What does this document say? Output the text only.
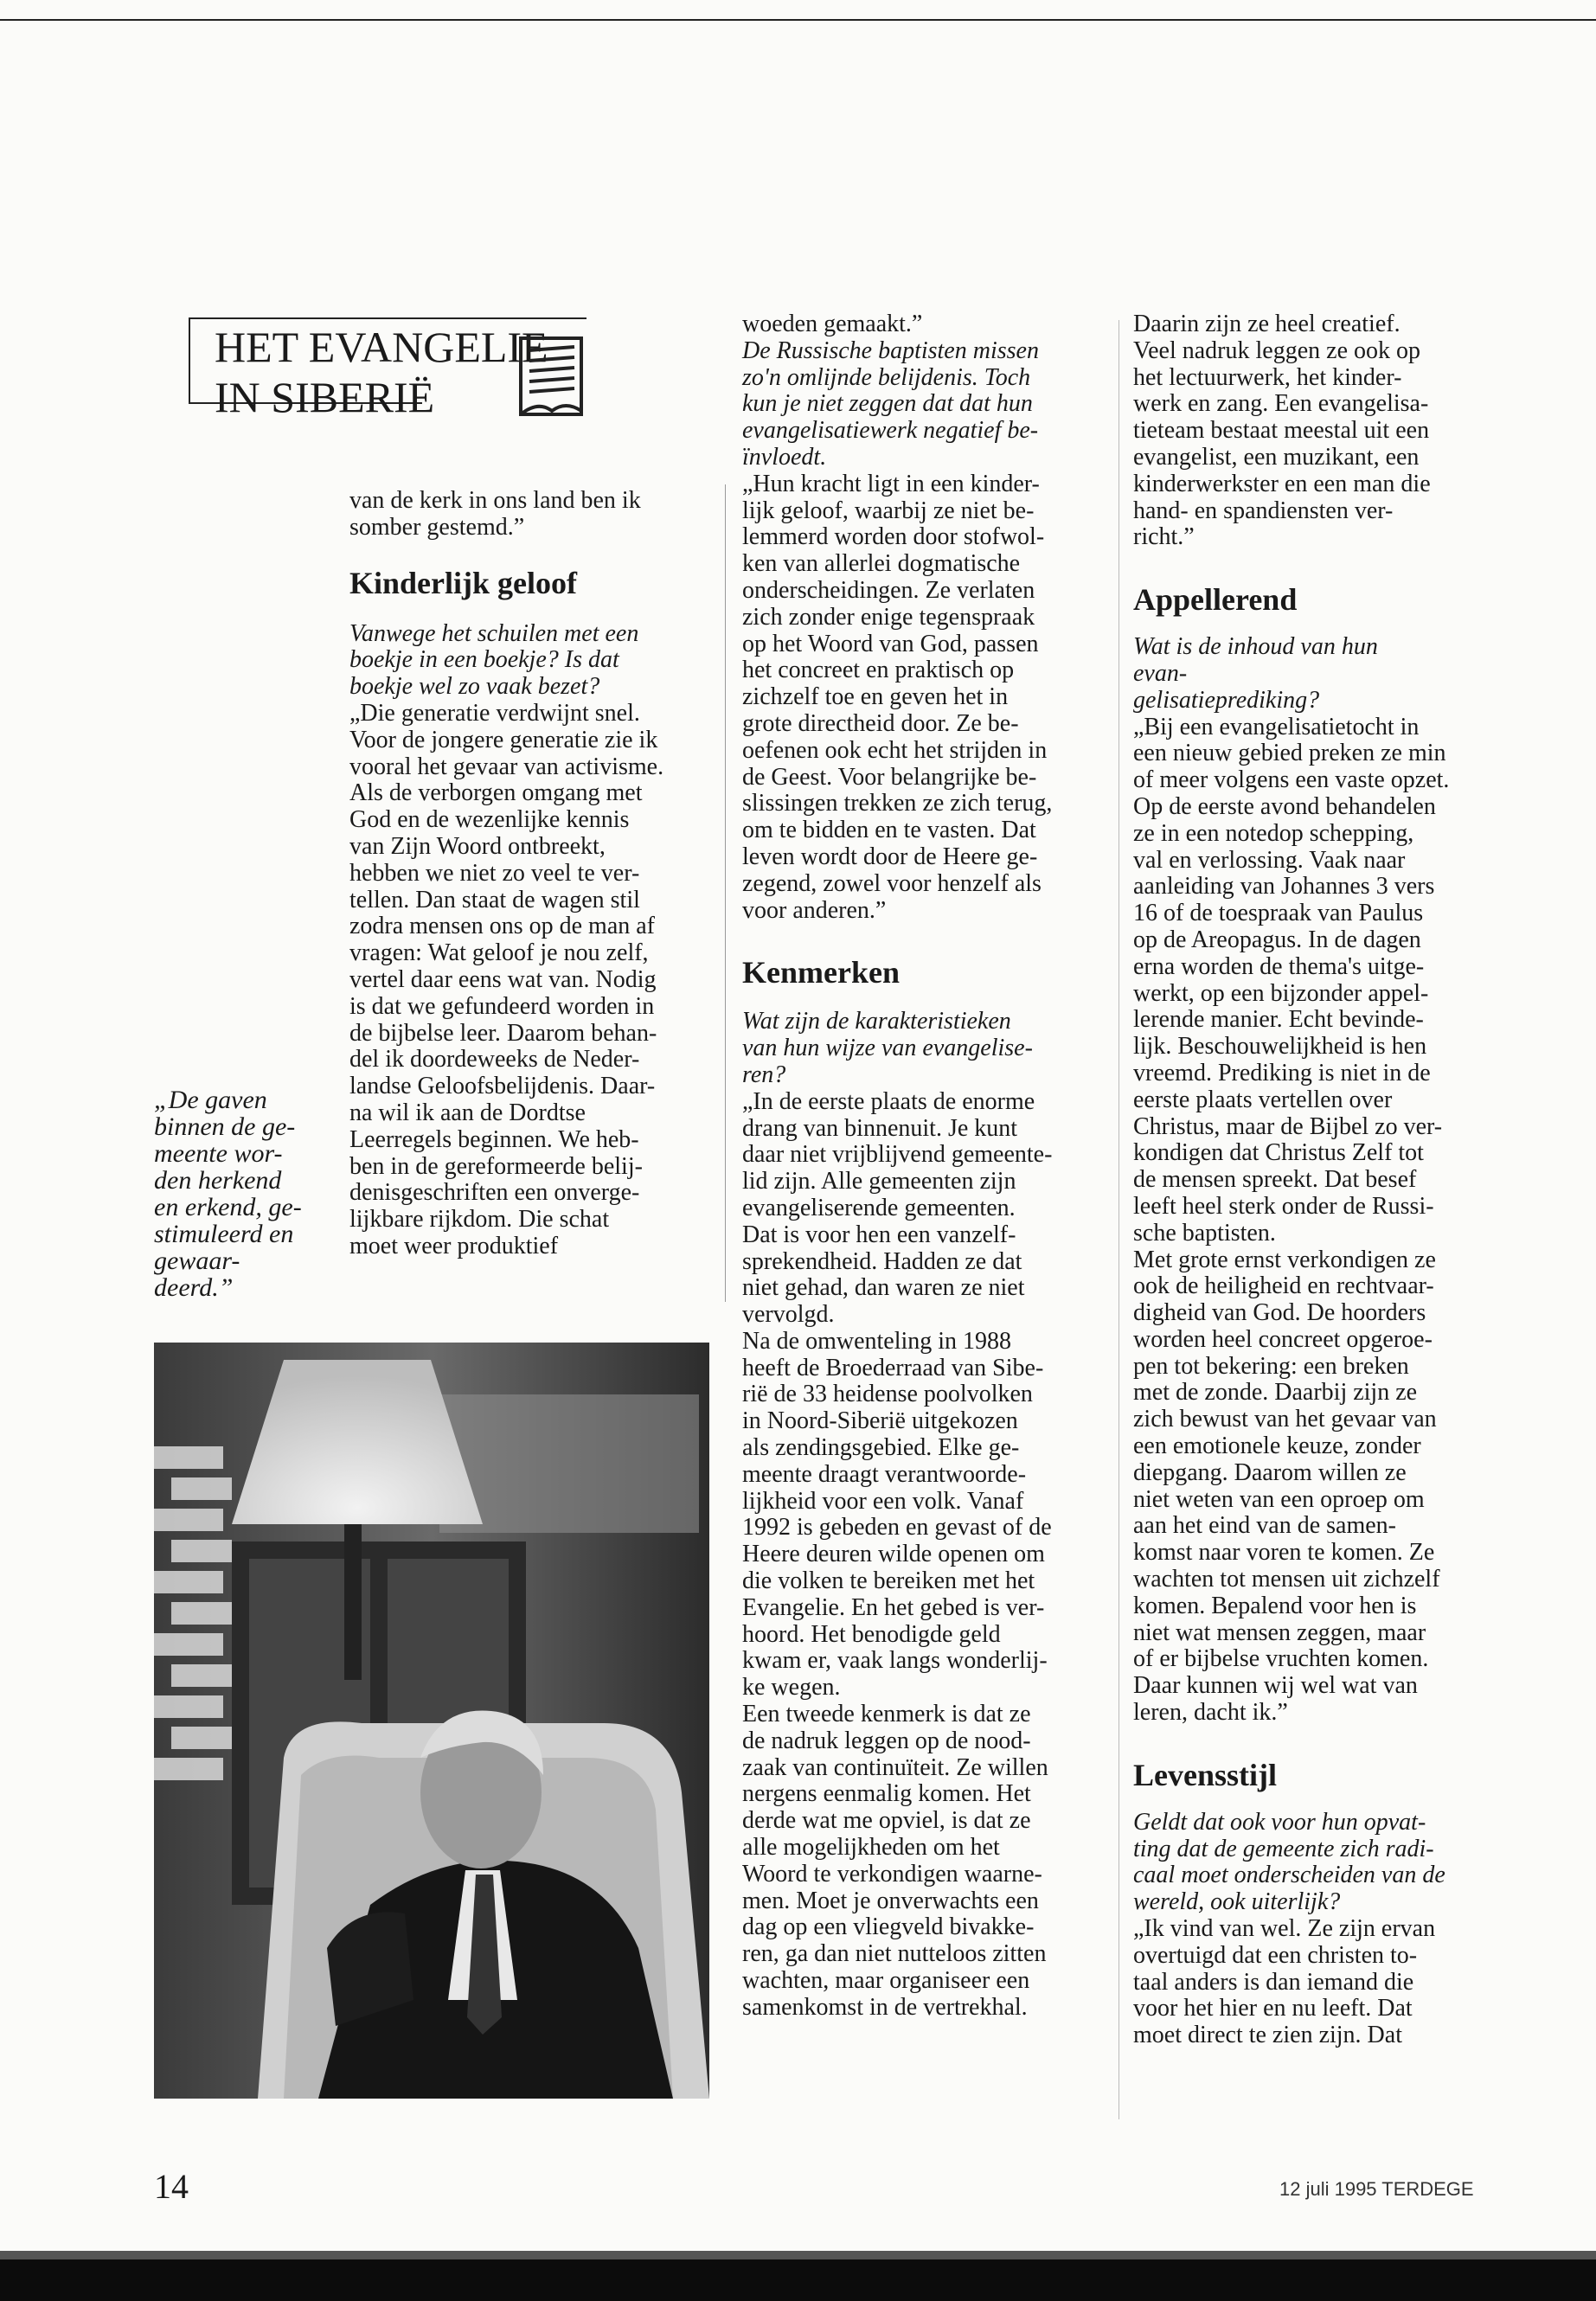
HET EVANGELIE
IN SIBERIË

„De gaven

binnen de ge-

meente wor-

den herkend

en erkend, ge-

stimuleerd en

gewaar-

deerd.”

van de kerk in ons land ben ik

somber gestemd.”

Kinderlijk geloof

Vanwege het schuilen met een

boekje in een boekje? Is dat

boekje wel zo vaak bezet?

„Die generatie verdwijnt snel.

Voor de jongere generatie zie ik

vooral het gevaar van activisme.

Als de verborgen omgang met

God en de wezenlijke kennis

van Zijn Woord ontbreekt,

hebben we niet zo veel te ver-

tellen. Dan staat de wagen stil

zodra mensen ons op de man af

vragen: Wat geloof je nou zelf,

vertel daar eens wat van. Nodig

is dat we gefundeerd worden in

de bijbelse leer. Daarom behan-

del ik doordeweeks de Neder-

landse Geloofsbelijdenis. Daar-

na wil ik aan de Dordtse

Leerregels beginnen. We heb-

ben in de gereformeerde belij-

denisgeschriften een onverge-

lijkbare rijkdom. Die schat

moet weer produktief

woeden gemaakt.”

De Russische baptisten missen

zo'n omlijnde belijdenis. Toch

kun je niet zeggen dat dat hun

evangelisatiewerk negatief be-

ïnvloedt.

„Hun kracht ligt in een kinder-

lijk geloof, waarbij ze niet be-

lemmerd worden door stofwol-

ken van allerlei dogmatische

onderscheidingen. Ze verlaten

zich zonder enige tegenspraak

op het Woord van God, passen

het concreet en praktisch op

zichzelf toe en geven het in

grote directheid door. Ze be-

oefenen ook echt het strijden in

de Geest. Voor belangrijke be-

slissingen trekken ze zich terug,

om te bidden en te vasten. Dat

leven wordt door de Heere ge-

zegend, zowel voor henzelf als

voor anderen.”

Kenmerken

Wat zijn de karakteristieken

van hun wijze van evangelise-

ren?

„In de eerste plaats de enorme

drang van binnenuit. Je kunt

daar niet vrijblijvend gemeente-

lid zijn. Alle gemeenten zijn

evangeliserende gemeenten.

Dat is voor hen een vanzelf-

sprekendheid. Hadden ze dat

niet gehad, dan waren ze niet

vervolgd.

Na de omwenteling in 1988

heeft de Broederraad van Sibe-

rië de 33 heidense poolvolken

in Noord-Siberië uitgekozen

als zendingsgebied. Elke ge-

meente draagt verantwoorde-

lijkheid voor een volk. Vanaf

1992 is gebeden en gevast of de

Heere deuren wilde openen om

die volken te bereiken met het

Evangelie. En het gebed is ver-

hoord. Het benodigde geld

kwam er, vaak langs wonderlij-

ke wegen.

Een tweede kenmerk is dat ze

de nadruk leggen op de nood-

zaak van continuïteit. Ze willen

nergens eenmalig komen. Het

derde wat me opviel, is dat ze

alle mogelijkheden om het

Woord te verkondigen waarne-

men. Moet je onverwachts een

dag op een vliegveld bivakke-

ren, ga dan niet nutteloos zitten

wachten, maar organiseer een

samenkomst in de vertrekhal.

Daarin zijn ze heel creatief.

Veel nadruk leggen ze ook op

het lectuurwerk, het kinder-

werk en zang. Een evangelisa-

tieteam bestaat meestal uit een

evangelist, een muzikant, een

kinderwerkster en een man die

hand- en spandiensten ver-

richt.”

Appellerend

Wat is de inhoud van hun

evan-

gelisatieprediking?

„Bij een evangelisatietocht in

een nieuw gebied preken ze min

of meer volgens een vaste opzet.

Op de eerste avond behandelen

ze in een notedop schepping,

val en verlossing. Vaak naar

aanleiding van Johannes 3 vers

16 of de toespraak van Paulus

op de Areopagus. In de dagen

erna worden de thema's uitge-

werkt, op een bijzonder appel-

lerende manier. Echt bevinde-

lijk. Beschouwelijkheid is hen

vreemd. Prediking is niet in de

eerste plaats vertellen over

Christus, maar de Bijbel zo ver-

kondigen dat Christus Zelf tot

de mensen spreekt. Dat besef

leeft heel sterk onder de Russi-

sche baptisten.

Met grote ernst verkondigen ze

ook de heiligheid en rechtvaar-

digheid van God. De hoorders

worden heel concreet opgeroe-

pen tot bekering: een breken

met de zonde. Daarbij zijn ze

zich bewust van het gevaar van

een emotionele keuze, zonder

diepgang. Daarom willen ze

niet weten van een oproep om

aan het eind van de samen-

komst naar voren te komen. Ze

wachten tot mensen uit zichzelf

komen. Bepalend voor hen is

niet wat mensen zeggen, maar

of er bijbelse vruchten komen.

Daar kunnen wij wel wat van

leren, dacht ik.”

Levensstijl

Geldt dat ook voor hun opvat-

ting dat de gemeente zich radi-

caal moet onderscheiden van de

wereld, ook uiterlijk?

„Ik vind van wel. Ze zijn ervan

overtuigd dat een christen to-

taal anders is dan iemand die

voor het hier en nu leeft. Dat

moet direct te zien zijn. Dat

14	12 juli 1995 TERDEGE
